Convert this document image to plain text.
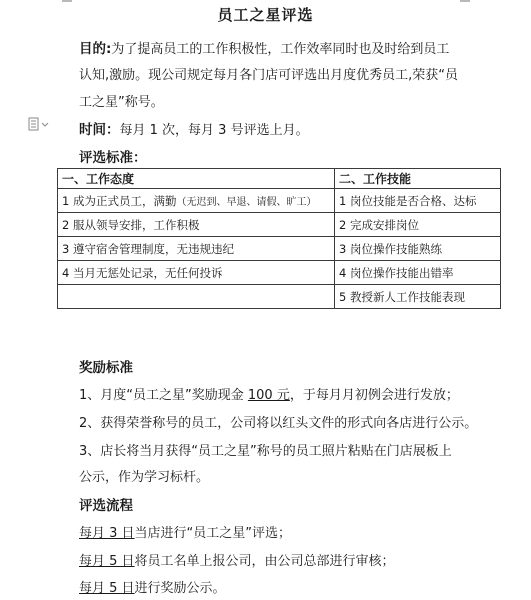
员工之星评选
目的:为了提高员工的工作积极性，工作效率同时也及时给到员工
认知,激励。现公司规定每月各门店可评选出月度优秀员工,荣获“员
工之星”称号。
时间：每月 1 次，每月 3 号评选上月。
评选标准：
一、工作态度	二、工作技能
1 成为正式员工，满勤（无迟到、早退、请假、旷工）	1 岗位技能是否合格、达标
2 服从领导安排，工作积极	2 完成安排岗位
3 遵守宿舍管理制度，无违规违纪	3 岗位操作技能熟练
4 当月无惩处记录，无任何投诉	4 岗位操作技能出错率
	5 教授新人工作技能表现
奖励标准
1、月度“员工之星”奖励现金 100 元，于每月月初例会进行发放；
2、获得荣誉称号的员工，公司将以红头文件的形式向各店进行公示。
3、店长将当月获得“员工之星”称号的员工照片粘贴在门店展板上
公示，作为学习标杆。
评选流程
每月 3 日当店进行“员工之星”评选；
每月 5 日将员工名单上报公司，由公司总部进行审核；
每月 5 日进行奖励公示。
